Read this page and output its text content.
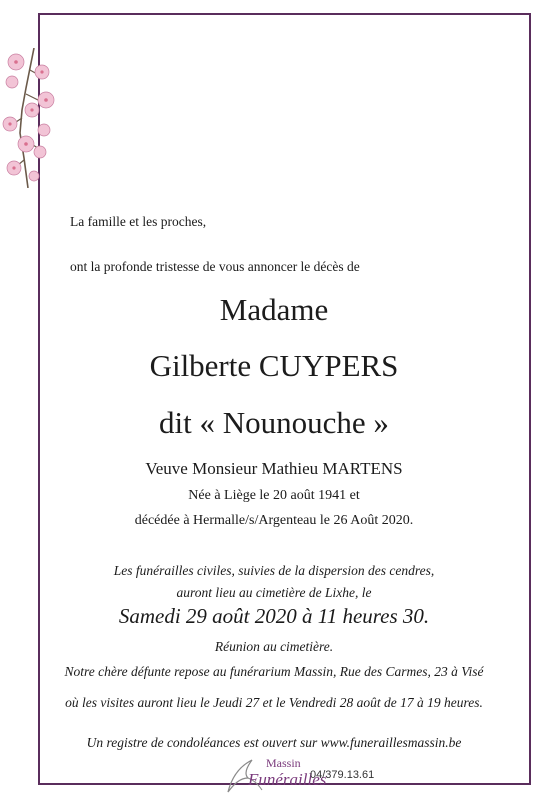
La famille et les proches,
ont la profonde tristesse de vous annoncer le décès de
Madame
Gilberte CUYPERS
dit « Nounouche »
Veuve Monsieur Mathieu MARTENS
Née à Liège le 20 août 1941 et
décédée à Hermalle/s/Argenteau le 26 Août 2020.
Les funérailles civiles, suivies de la dispersion des cendres,
auront lieu au cimetière de Lixhe, le
Samedi 29 août 2020 à 11 heures 30.
Réunion au cimetière.
Notre chère défunte repose au funérarium Massin, Rue des Carmes, 23 à Visé
où les visites auront lieu le Jeudi 27 et le Vendredi 28 août de 17 à 19 heures.
Un registre de condoléances est ouvert sur www.funeraillesmassin.be
Massin
Funérailles
04/379.13.61
